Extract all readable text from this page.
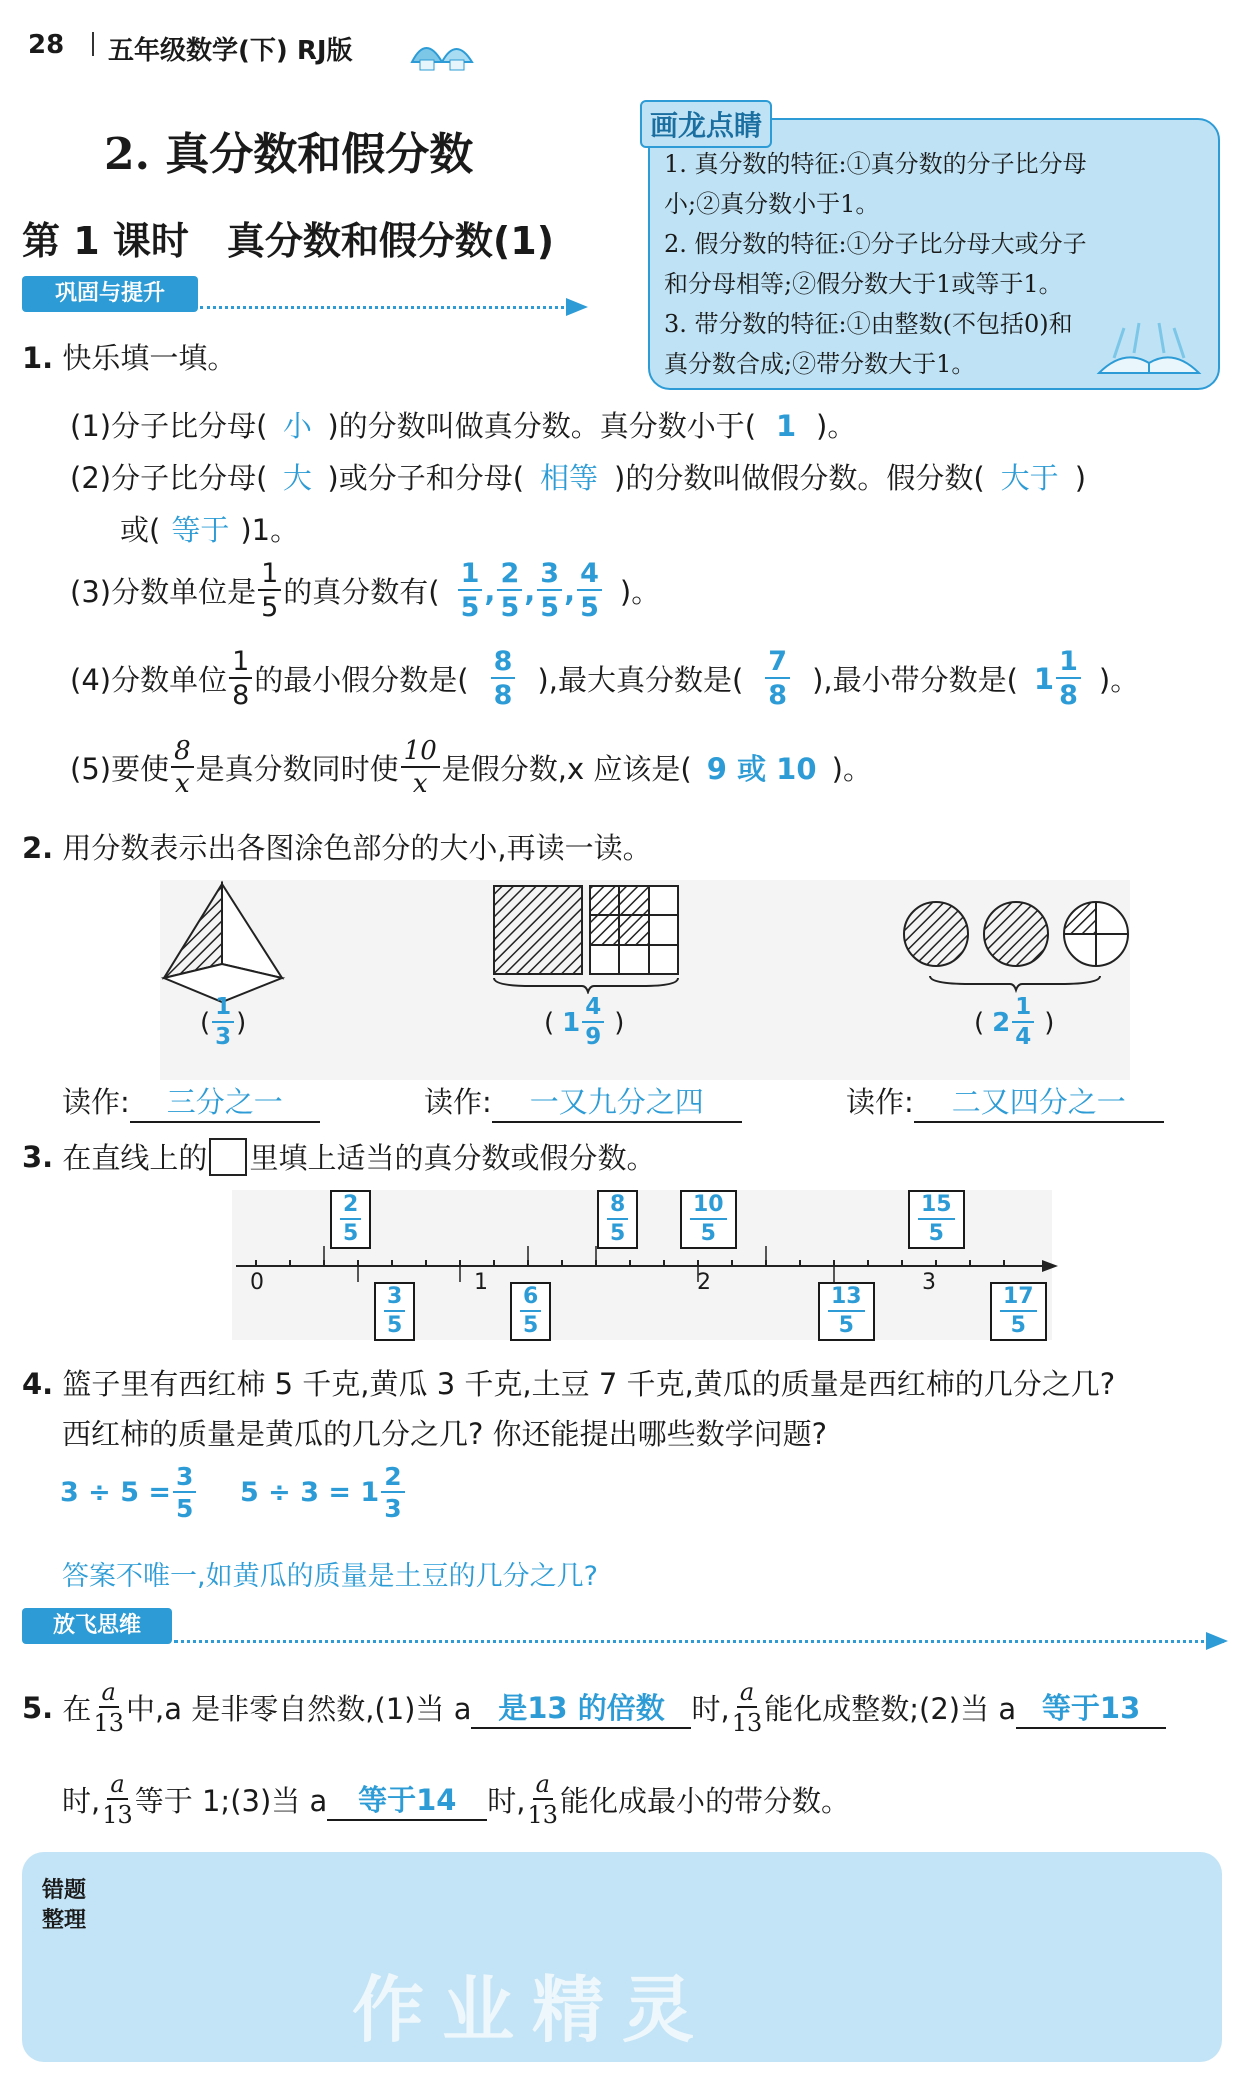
28 五年级数学(下) RJ版
2. 真分数和假分数
第 1 课时　真分数和假分数(1)
巩固与提升
1. 真分数的特征:①真分数的分子比分母
小;②真分数小于1。
2. 假分数的特征:①分子比分母大或分子
和分母相等;②假分数大于1或等于1。
3. 带分数的特征:①由整数(不包括0)和
真分数合成;②带分数大于1。
画龙点睛
1. 快乐填一填。
(1)分子比分母( 小 )的分数叫做真分数。真分数小于( 1 )。
(2)分子比分母( 大 )或分子和分母( 相等 )的分数叫做假分数。假分数( 大于 )
或( 等于 )1。
(3)分数单位是 $\frac{1}{5}$ 的真分数有( $\frac{1}{5}$ , $\frac{2}{5}$ , $\frac{3}{5}$ , $\frac{4}{5}$ )。
(4)分数单位 $\frac{1}{8}$ 的最小假分数是( $\frac{8}{8}$ ),最大真分数是( $\frac{7}{8}$ ),最小带分数是( $1 \frac{1}{8}$ )。
(5)要使 $\frac{8}{x}$ 是真分数同时使 $\frac{10}{x}$ 是假分数,x 应该是( 9 或 10 )。
2. 用分数表示出各图涂色部分的大小,再读一读。
( $\frac{1}{3}$ )	( $1 \frac{4}{9}$ )	( $2 \frac{1}{4}$ )
读作: 三分之一	读作: 一又九分之四	读作: 二又四分之一
3.
在直线上的 里填上适当的真分数或假分数。
0	1	2	3
$\frac{2}{5}$	$\frac{8}{5}$	$\frac{10}{5}$	$\frac{15}{5}$
$\frac{3}{5}$	$\frac{6}{5}$	$\frac{13}{5}$	$\frac{17}{5}$
4. 篮子里有西红柿 5 千克,黄瓜 3 千克,土豆 7 千克,黄瓜的质量是西红柿的几分之几?
西红柿的质量是黄瓜的几分之几? 你还能提出哪些数学问题?
$3 \div 5 = \frac{3}{5} 5 \div 3 = 1 \frac{2}{3}$
答案不唯一,如黄瓜的质量是土豆的几分之几?
放飞思维
5.
在 $\frac{a}{13}$ 中,a 是非零自然数,(1)当 a 是13 的倍数 时, $\frac{a}{13}$ 能化成整数;(2)当 a 等于13
时, $\frac{a}{13}$ 等于 1;(3)当 a	等于14	时, $\frac{a}{13}$ 能化成最小的带分数。
错题
整理
作业精灵
